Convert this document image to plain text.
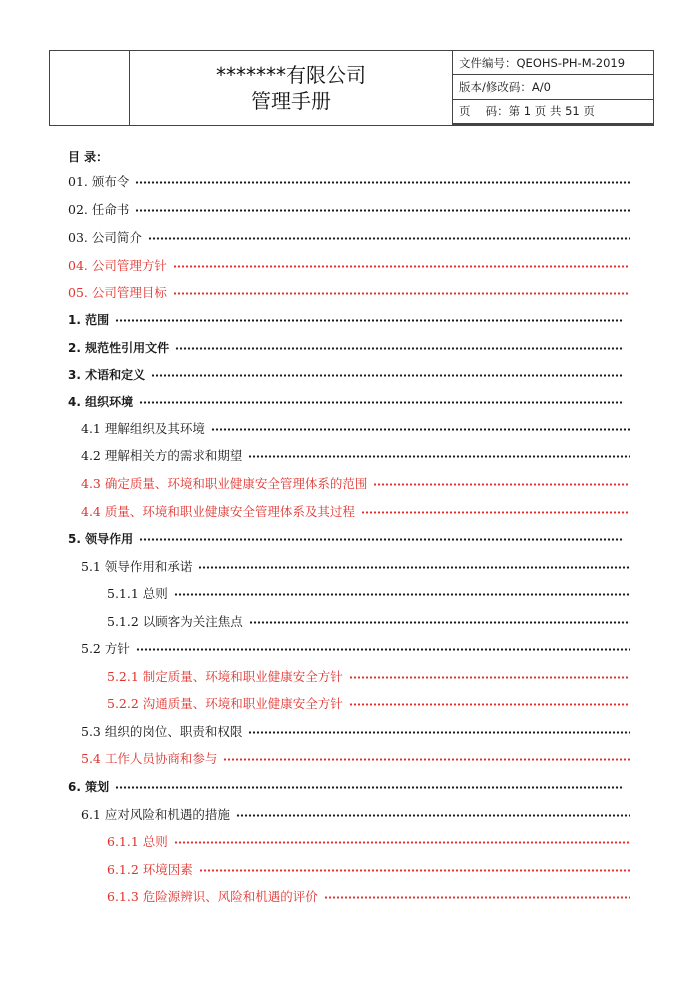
*******有限公司
管理手册
文件编号：QEOHS-PH-M-2019
版本/修改码：A/0
页　 码：第 1 页 共 51 页
目 录：
01. 颁布令
02. 任命书
03. 公司简介
04. 公司管理方针
05. 公司管理目标
1. 范围
2. 规范性引用文件
3. 术语和定义
4. 组织环境
4.1 理解组织及其环境
4.2 理解相关方的需求和期望
4.3 确定质量、环境和职业健康安全管理体系的范围
4.4 质量、环境和职业健康安全管理体系及其过程
5. 领导作用
5.1 领导作用和承诺
5.1.1 总则
5.1.2 以顾客为关注焦点
5.2 方针
5.2.1 制定质量、环境和职业健康安全方针
5.2.2 沟通质量、环境和职业健康安全方针
5.3 组织的岗位、职责和权限
5.4 工作人员协商和参与
6. 策划
6.1 应对风险和机遇的措施
6.1.1 总则
6.1.2 环境因素
6.1.3 危险源辨识、风险和机遇的评价
